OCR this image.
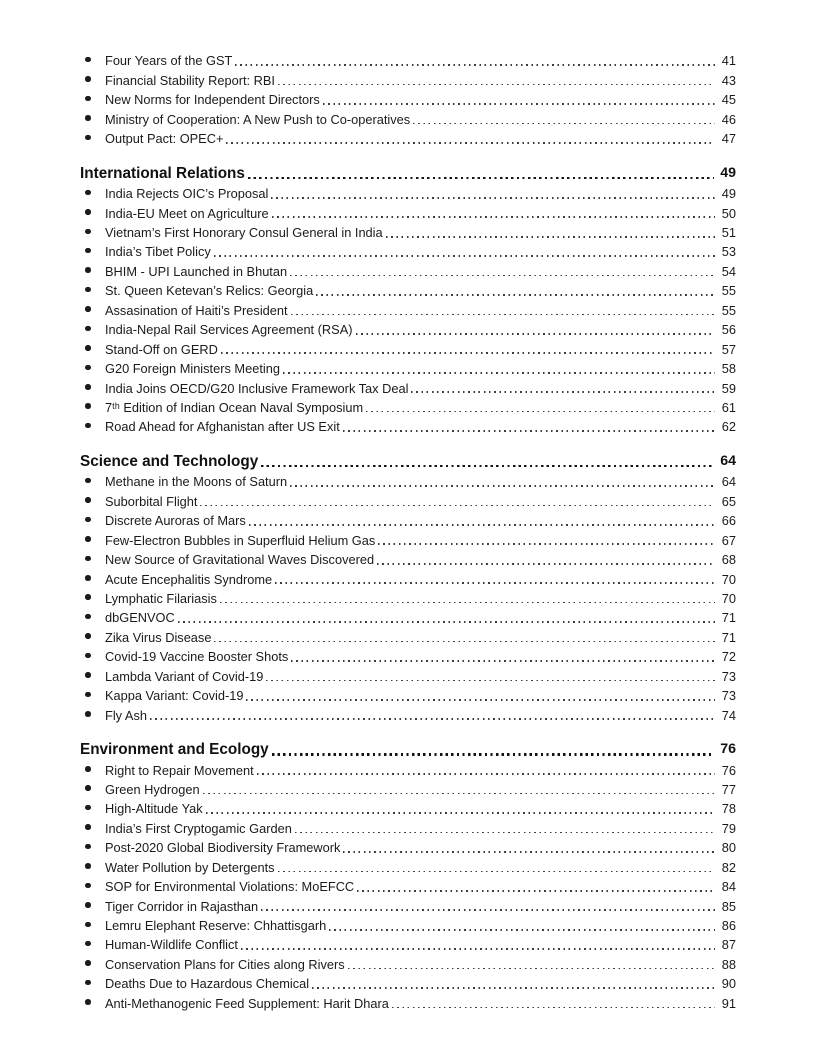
Four Years of the GST	41
Financial Stability Report: RBI	43
New Norms for Independent Directors	45
Ministry of Cooperation: A New Push to Co-operatives	46
Output Pact: OPEC+	47
International Relations	49
India Rejects OIC’s Proposal	49
India-EU Meet on Agriculture	50
Vietnam’s First Honorary Consul General in India	51
India’s Tibet Policy	53
BHIM - UPI Launched in Bhutan	54
St. Queen Ketevan’s Relics: Georgia	55
Assasination of Haiti’s President	55
India-Nepal Rail Services Agreement (RSA)	56
Stand-Off on GERD	57
G20 Foreign Ministers Meeting	58
India Joins OECD/G20 Inclusive Framework Tax Deal	59
7ᵗʰ Edition of Indian Ocean Naval Symposium	61
Road Ahead for Afghanistan after US Exit	62
Science and Technology	64
Methane in the Moons of Saturn	64
Suborbital Flight	65
Discrete Auroras of Mars	66
Few-Electron Bubbles in Superfluid Helium Gas	67
New Source of Gravitational Waves Discovered	68
Acute Encephalitis Syndrome	70
Lymphatic Filariasis	70
dbGENVOC	71
Zika Virus Disease	71
Covid-19 Vaccine Booster Shots	72
Lambda Variant of Covid-19	73
Kappa Variant: Covid-19	73
Fly Ash	74
Environment and Ecology	76
Right to Repair Movement	76
Green Hydrogen	77
High-Altitude Yak	78
India’s First Cryptogamic Garden	79
Post-2020 Global Biodiversity Framework	80
Water Pollution by Detergents	82
SOP for Environmental Violations: MoEFCC	84
Tiger Corridor in Rajasthan	85
Lemru Elephant Reserve: Chhattisgarh	86
Human-Wildlife Conflict	87
Conservation Plans for Cities along Rivers	88
Deaths Due to Hazardous Chemical	90
Anti-Methanogenic Feed Supplement: Harit Dhara	91
